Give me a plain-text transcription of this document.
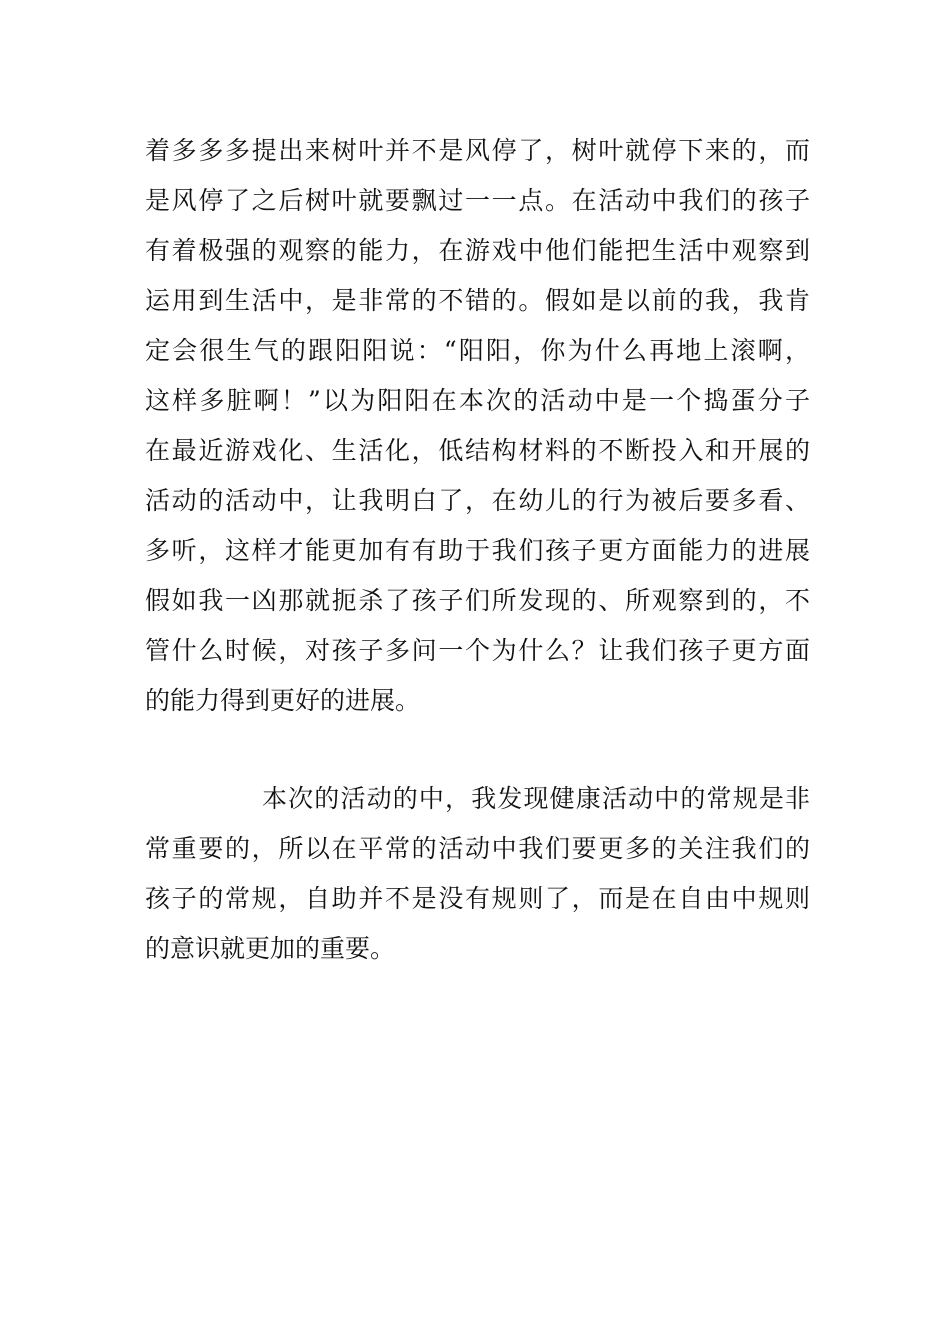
着多多多提出来树叶并不是风停了，树叶就停下来的，而
是风停了之后树叶就要飘过一一点。在活动中我们的孩子
有着极强的观察的能力，在游戏中他们能把生活中观察到
运用到生活中，是非常的不错的。假如是以前的我，我肯
定会很生气的跟阳阳说：“阳阳，你为什么再地上滚啊，
这样多脏啊！”以为阳阳在本次的活动中是一个捣蛋分子
在最近游戏化、生活化，低结构材料的不断投入和开展的
活动的活动中，让我明白了，在幼儿的行为被后要多看、
多听，这样才能更加有有助于我们孩子更方面能力的进展
假如我一凶那就扼杀了孩子们所发现的、所观察到的，不
管什么时候，对孩子多问一个为什么？让我们孩子更方面
的能力得到更好的进展。
本次的活动的中，我发现健康活动中的常规是非
常重要的，所以在平常的活动中我们要更多的关注我们的
孩子的常规，自助并不是没有规则了，而是在自由中规则
的意识就更加的重要。
